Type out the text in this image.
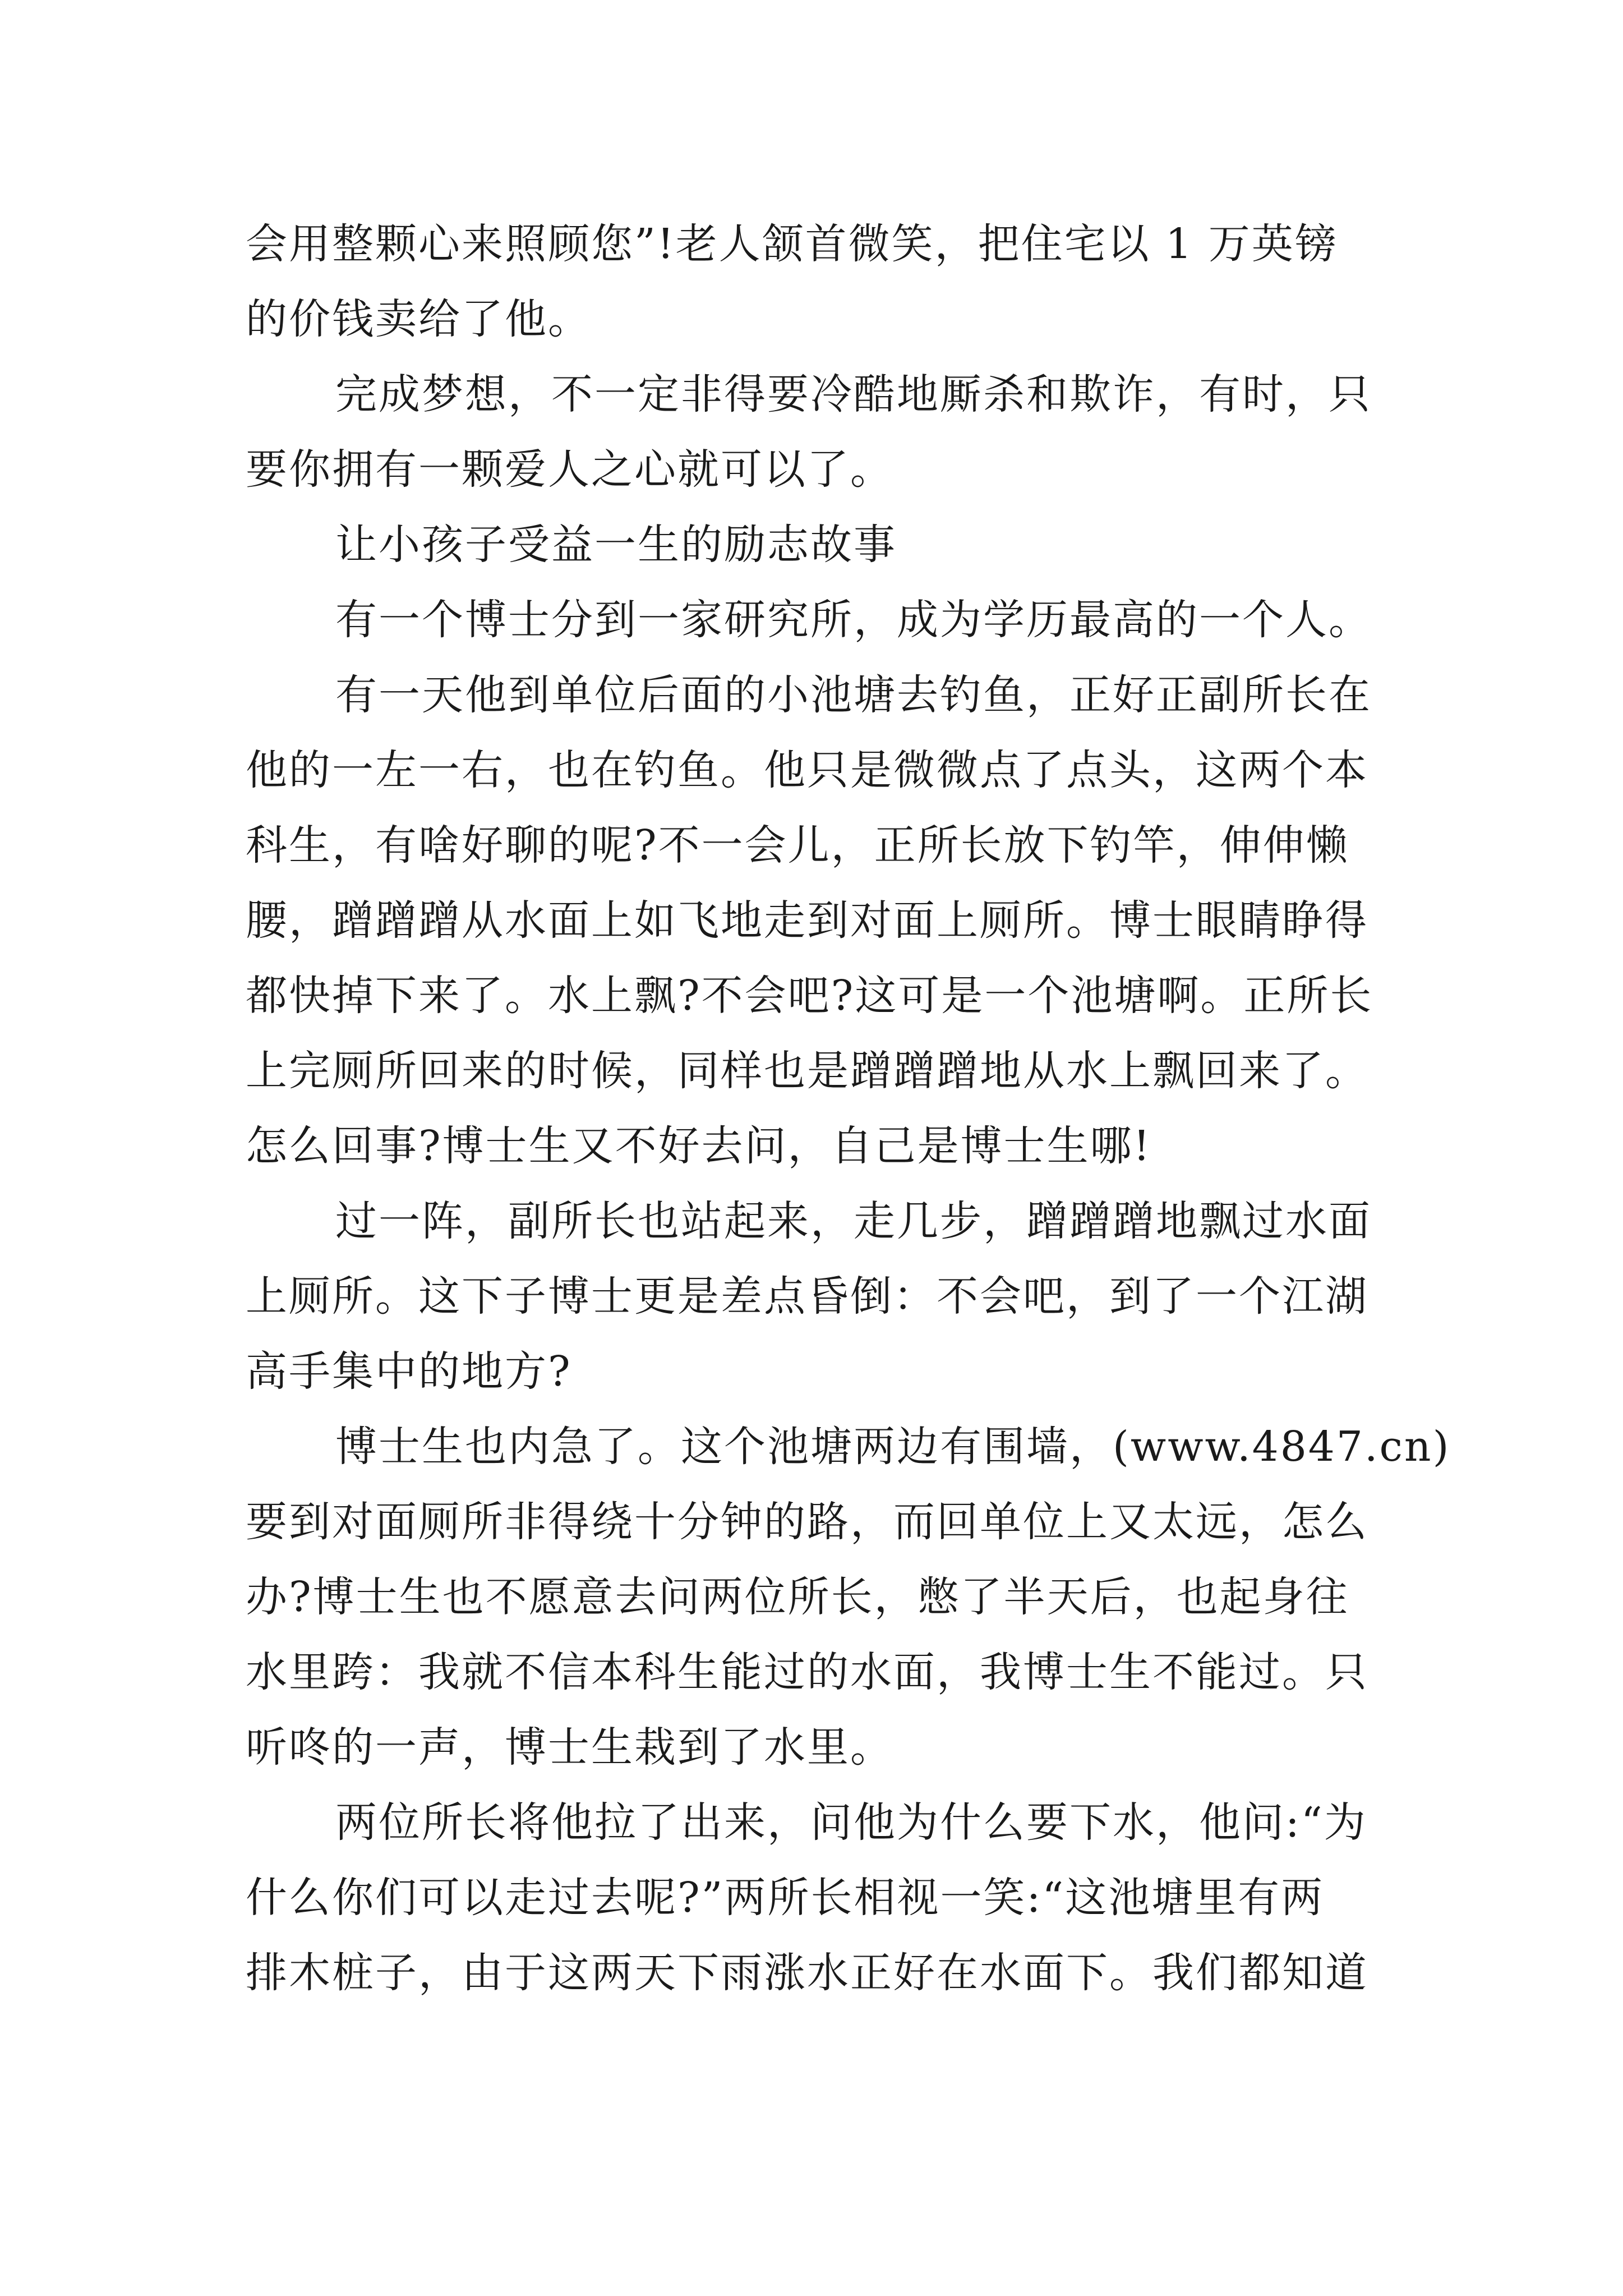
会用整颗心来照顾您”!老人颔首微笑，把住宅以 1 万英镑
的价钱卖给了他。
完成梦想，不一定非得要冷酷地厮杀和欺诈，有时，只
要你拥有一颗爱人之心就可以了。
让小孩子受益一生的励志故事
有一个博士分到一家研究所，成为学历最高的一个人。
有一天他到单位后面的小池塘去钓鱼，正好正副所长在
他的一左一右，也在钓鱼。他只是微微点了点头，这两个本
科生，有啥好聊的呢?不一会儿，正所长放下钓竿，伸伸懒
腰，蹭蹭蹭从水面上如飞地走到对面上厕所。博士眼睛睁得
都快掉下来了。水上飘?不会吧?这可是一个池塘啊。正所长
上完厕所回来的时候，同样也是蹭蹭蹭地从水上飘回来了。
怎么回事?博士生又不好去问，自己是博士生哪!
过一阵，副所长也站起来，走几步，蹭蹭蹭地飘过水面
上厕所。这下子博士更是差点昏倒：不会吧，到了一个江湖
高手集中的地方?
博士生也内急了。这个池塘两边有围墙，(www.4847.cn)
要到对面厕所非得绕十分钟的路，而回单位上又太远，怎么
办?博士生也不愿意去问两位所长，憋了半天后，也起身往
水里跨：我就不信本科生能过的水面，我博士生不能过。只
听咚的一声，博士生栽到了水里。
两位所长将他拉了出来，问他为什么要下水，他问:“为
什么你们可以走过去呢?”两所长相视一笑:“这池塘里有两
排木桩子，由于这两天下雨涨水正好在水面下。我们都知道
